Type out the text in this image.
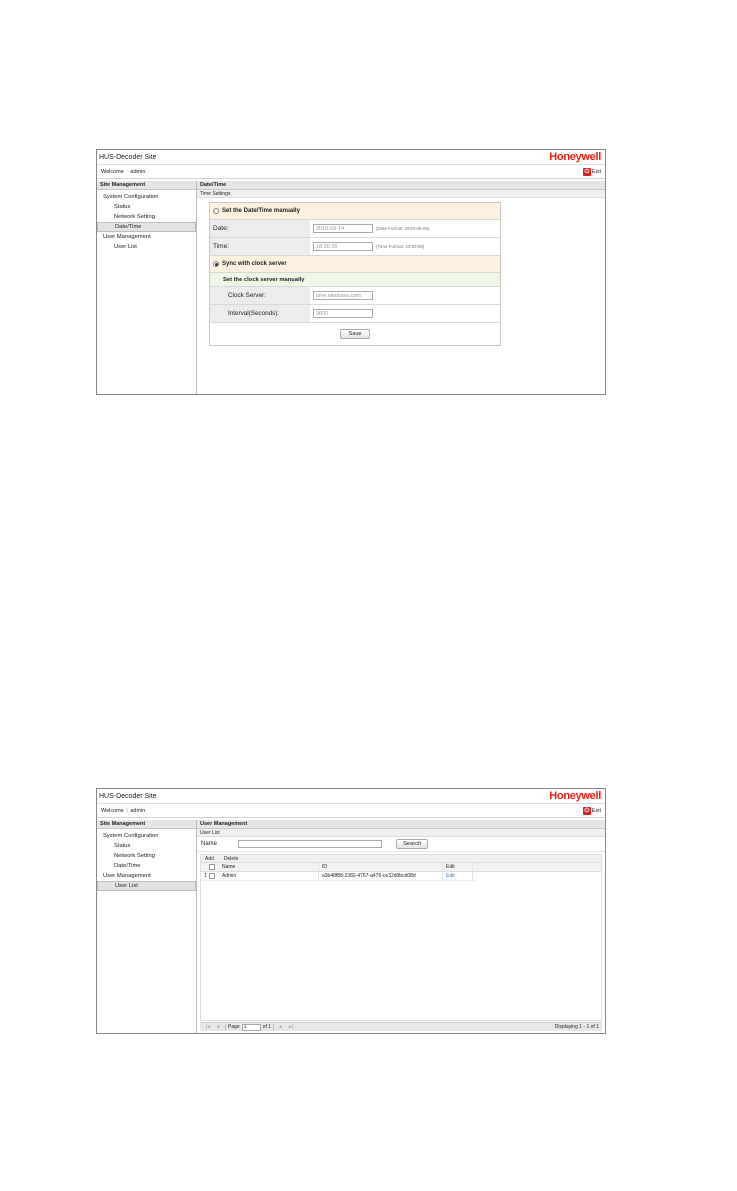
HUS-Decoder Site	Honeywell
Welcome : admin	⏻ Exit
Site Management
System Configuration
Status
Network Setting
Date/Time
User Management
User List
Date/Time
Time Settings
Set the Date/Time manually
Date:	2015-09-14	(Date Format: 2010-08-05)
Time:	18:36:36	(Time Format: 23:59:59)
Sync with clock server
Set the clock server manually
Clock Server:	time.windows.com
Interval(Seconds):	3600
Save
HUS-Decoder Site	Honeywell
Welcome | admin	⏻ Exit
Site Management
System Configuration
Status
Network Setting
Date/Time
User Management
User List
User Management
User List
Name	Search
Add Delete
Name	ID	Edit
1	Admin	a3b48f88-2382-4767-a476-ce32d0bcd08d	Edit
|◂	◂	Page 1	of 1	▸	▸|	Displaying 1 - 1 of 1
